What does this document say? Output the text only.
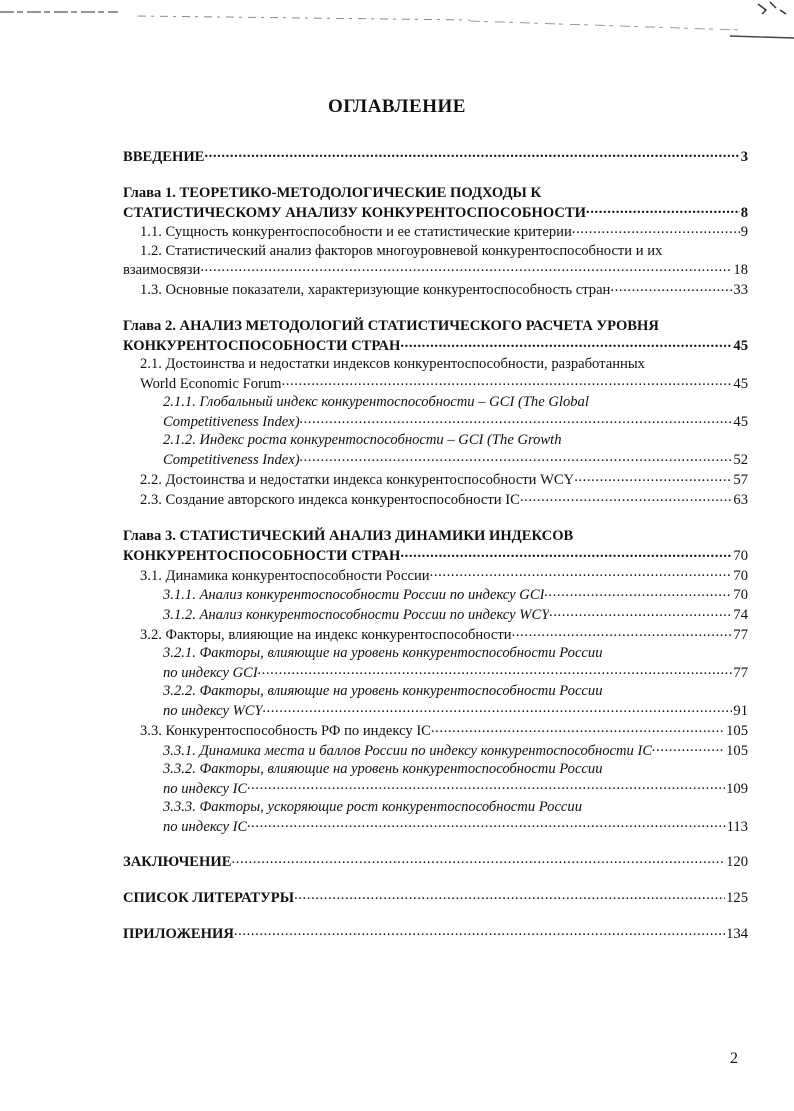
ОГЛАВЛЕНИЕ
ВВЕДЕНИЕ .....	3
Глава 1. ТЕОРЕТИКО-МЕТОДОЛОГИЧЕСКИЕ ПОДХОДЫ К
СТАТИСТИЧЕСКОМУ АНАЛИЗУ КОНКУРЕНТОСПОСОБНОСТИ .....	8
1.1. Сущность конкурентоспособности и ее статистические критерии .....	9
1.2. Статистический анализ факторов многоуровневой конкурентоспособности и их
взаимосвязи .....	18
1.3. Основные показатели, характеризующие конкурентоспособность стран .....	33
Глава 2. АНАЛИЗ МЕТОДОЛОГИЙ СТАТИСТИЧЕСКОГО РАСЧЕТА УРОВНЯ
КОНКУРЕНТОСПОСОБНОСТИ СТРАН .....	45
2.1. Достоинства и недостатки индексов конкурентоспособности, разработанных
World Economic Forum .....	45
2.1.1. Глобальный индекс конкурентоспособности – GCI (The Global
Competitiveness Index) .....	45
2.1.2. Индекс роста конкурентоспособности – GCI (The Growth
Competitiveness Index) .....	52
2.2. Достоинства и недостатки индекса конкурентоспособности WCY .....	57
2.3. Создание авторского индекса конкурентоспособности IC .....	63
Глава 3. СТАТИСТИЧЕСКИЙ АНАЛИЗ ДИНАМИКИ ИНДЕКСОВ
КОНКУРЕНТОСПОСОБНОСТИ СТРАН .....	70
3.1. Динамика конкурентоспособности России .....	70
3.1.1. Анализ конкурентоспособности России по индексу GCI .....	70
3.1.2. Анализ конкурентоспособности России по индексу WCY .....	74
3.2. Факторы, влияющие на индекс конкурентоспособности .....	77
3.2.1. Факторы, влияющие на уровень конкурентоспособности России
по индексу GCI .....	77
3.2.2. Факторы, влияющие на уровень конкурентоспособности России
по индексу WCY .....	91
3.3. Конкурентоспособность РФ по индексу IC .....	105
3.3.1. Динамика места и баллов России по индексу конкурентоспособности IC .....	105
3.3.2. Факторы, влияющие на уровень конкурентоспособности России
по индексу IC .....	109
3.3.3. Факторы, ускоряющие рост конкурентоспособности России
по индексу IC .....	113
ЗАКЛЮЧЕНИЕ .....	120
СПИСОК ЛИТЕРАТУРЫ .....	125
ПРИЛОЖЕНИЯ .....	134
2
